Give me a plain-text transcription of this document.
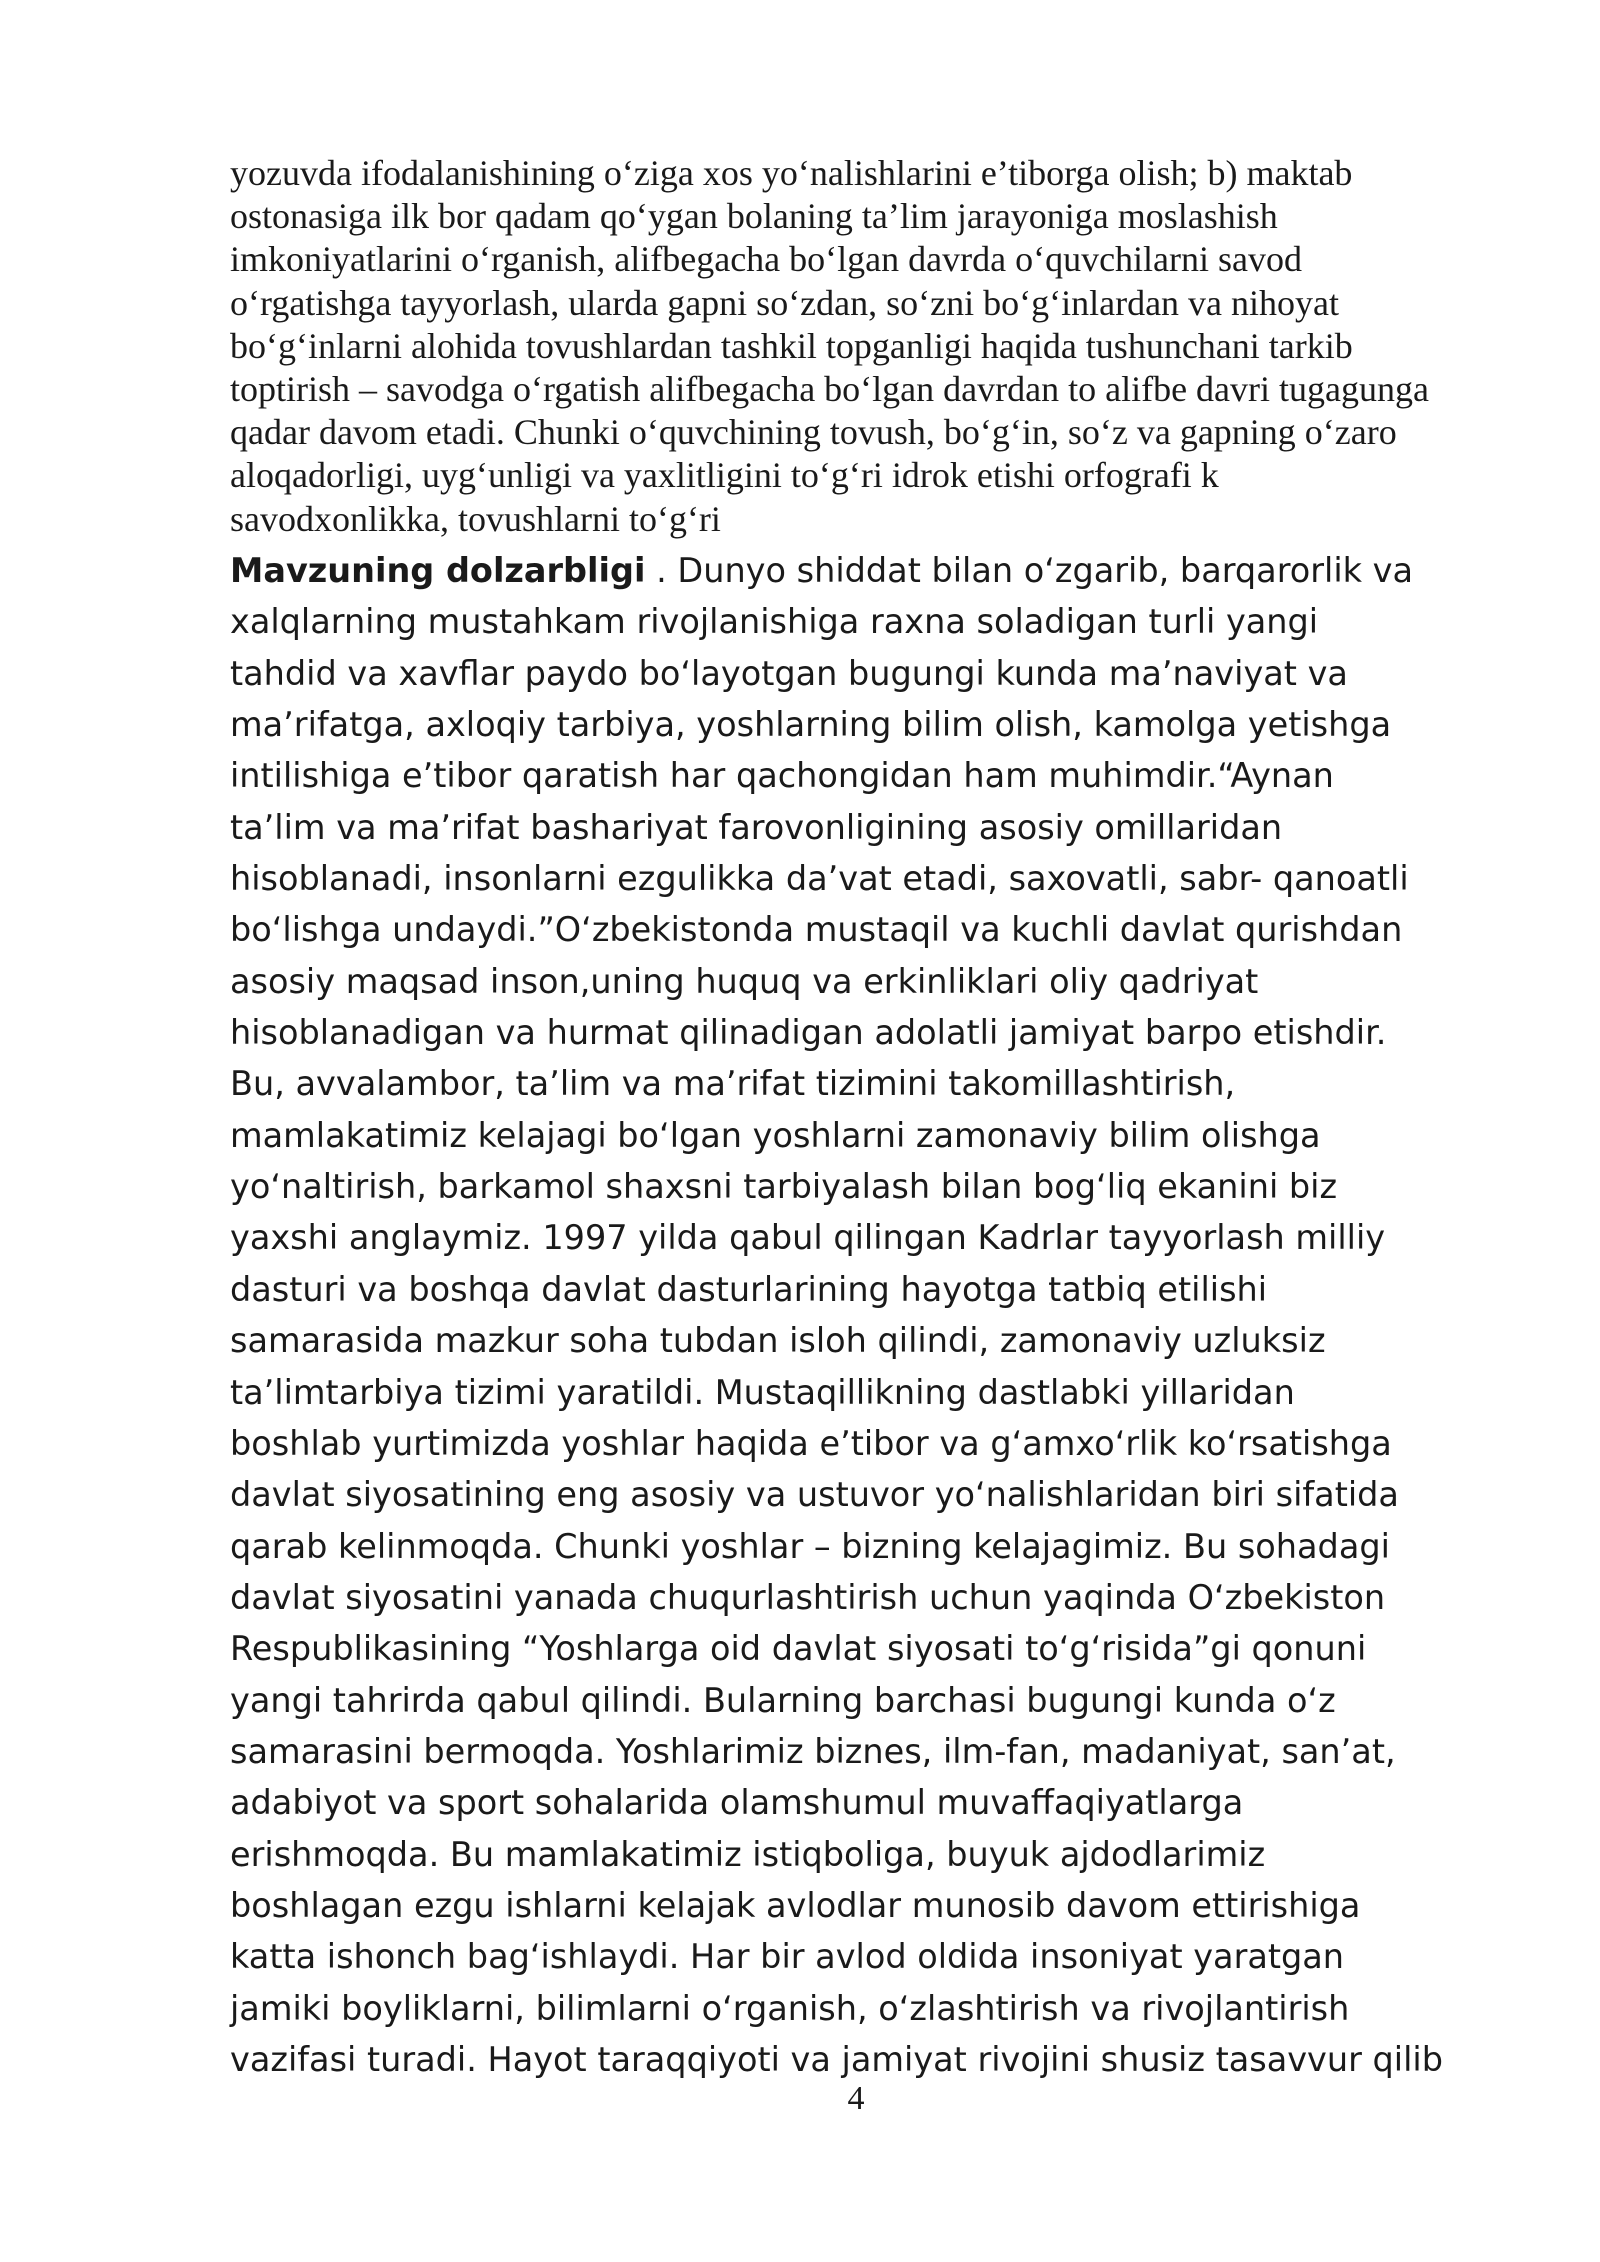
yozuvda ifodalanishining o‘ziga xos yo‘nalishlarini e’tiborga olish; b) maktab
ostonasiga ilk bor qadam qo‘ygan bolaning ta’lim jarayoniga moslashish
imkoniyatlarini o‘rganish, alifbegacha bo‘lgan davrda o‘quvchilarni savod
o‘rgatishga tayyorlash, ularda gapni so‘zdan, so‘zni bo‘g‘inlardan va nihoyat
bo‘g‘inlarni alohida tovushlardan tashkil topganligi haqida tushunchani tarkib
toptirish – savodga o‘rgatish alifbegacha bo‘lgan davrdan to alifbe davri tugagunga
qadar davom etadi. Chunki o‘quvchining tovush, bo‘g‘in, so‘z va gapning o‘zaro
aloqadorligi, uyg‘unligi va yaxlitligini to‘g‘ri idrok etishi orfografi k
savodxonlikka, tovushlarni to‘g‘ri
Mavzuning dolzarbligi . Dunyo shiddat bilan o‘zgarib, barqarorlik va
xalqlarning mustahkam rivojlanishiga raxna soladigan turli yangi
tahdid va xavflar paydo bo‘layotgan bugungi kunda ma’naviyat va
ma’rifatga, axloqiy tarbiya, yoshlarning bilim olish, kamolga yetishga
intilishiga e’tibor qaratish har qachongidan ham muhimdir.“Aynan
ta’lim va ma’rifat bashariyat farovonligining asosiy omillaridan
hisoblanadi, insonlarni ezgulikka da’vat etadi, saxovatli, sabr- qanoatli
bo‘lishga undaydi.”O‘zbekistonda mustaqil va kuchli davlat qurishdan
asosiy maqsad inson,uning huquq va erkinliklari oliy qadriyat
hisoblanadigan va hurmat qilinadigan adolatli jamiyat barpo etishdir.
Bu, avvalambor, ta’lim va ma’rifat tizimini takomillashtirish,
mamlakatimiz kelajagi bo‘lgan yoshlarni zamonaviy bilim olishga
yo‘naltirish, barkamol shaxsni tarbiyalash bilan bog‘liq ekanini biz
yaxshi anglaymiz. 1997 yilda qabul qilingan Kadrlar tayyorlash milliy
dasturi va boshqa davlat dasturlarining hayotga tatbiq etilishi
samarasida mazkur soha tubdan isloh qilindi, zamonaviy uzluksiz
ta’limtarbiya tizimi yaratildi. Mustaqillikning dastlabki yillaridan
boshlab yurtimizda yoshlar haqida e’tibor va g‘amxo‘rlik ko‘rsatishga
davlat siyosatining eng asosiy va ustuvor yo‘nalishlaridan biri sifatida
qarab kelinmoqda. Chunki yoshlar – bizning kelajagimiz. Bu sohadagi
davlat siyosatini yanada chuqurlashtirish uchun yaqinda O‘zbekiston
Respublikasining “Yoshlarga oid davlat siyosati to‘g‘risida”gi qonuni
yangi tahrirda qabul qilindi. Bularning barchasi bugungi kunda o‘z
samarasini bermoqda. Yoshlarimiz biznes, ilm-fan, madaniyat, san’at,
adabiyot va sport sohalarida olamshumul muvaffaqiyatlarga
erishmoqda. Bu mamlakatimiz istiqboliga, buyuk ajdodlarimiz
boshlagan ezgu ishlarni kelajak avlodlar munosib davom ettirishiga
katta ishonch bag‘ishlaydi. Har bir avlod oldida insoniyat yaratgan
jamiki boyliklarni, bilimlarni o‘rganish, o‘zlashtirish va rivojlantirish
vazifasi turadi. Hayot taraqqiyoti va jamiyat rivojini shusiz tasavvur qilib
4
